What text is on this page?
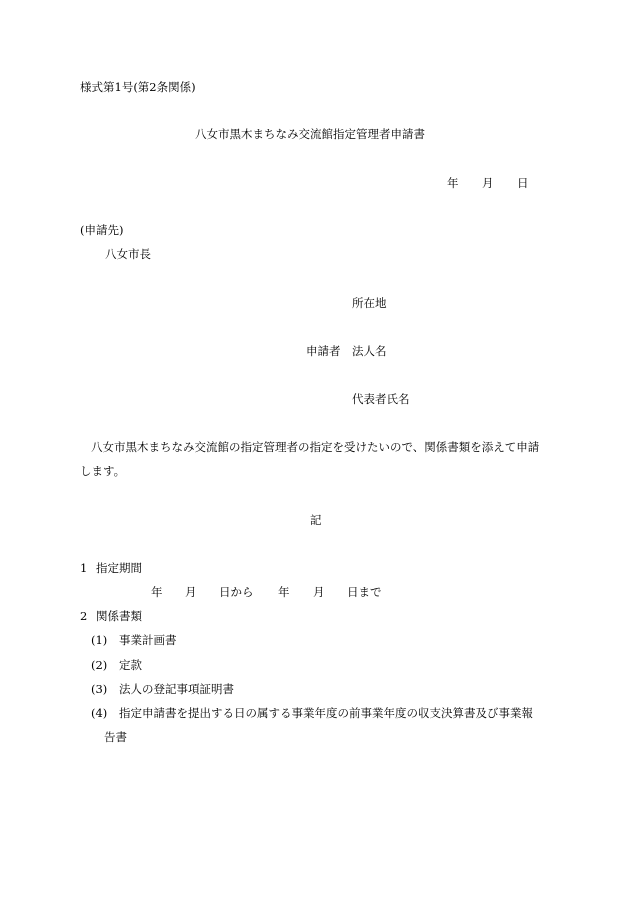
様式第1号(第2条関係)
八女市黒木まちなみ交流館指定管理者申請書
年 月 日
(申請先)
八女市長
所在地
申請者 法人名
代表者氏名
八女市黒木まちなみ交流館の指定管理者の指定を受けたいので、関係書類を添えて申請
します。
記
1 指定期間
年 月 日から 年 月 日まで
2 関係書類
(1) 事業計画書
(2) 定款
(3) 法人の登記事項証明書
(4) 指定申請書を提出する日の属する事業年度の前事業年度の収支決算書及び事業報
告書
